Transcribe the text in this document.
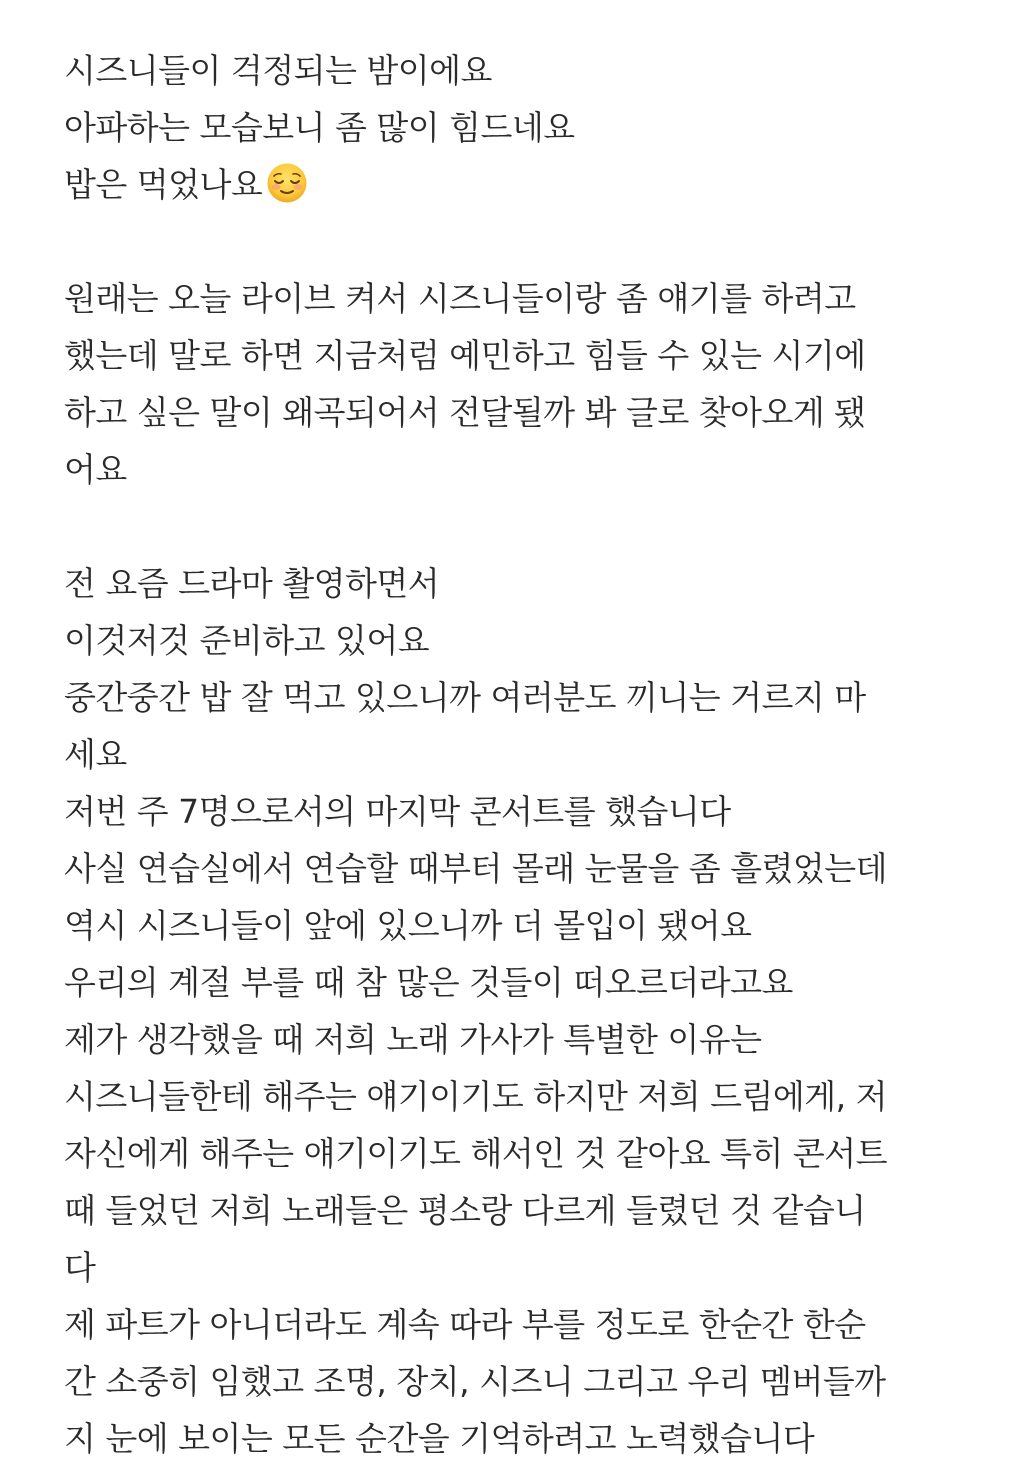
시즈니들이 걱정되는 밤이에요
아파하는 모습보니 좀 많이 힘드네요
밥은 먹었나요
원래는 오늘 라이브 켜서 시즈니들이랑 좀 얘기를 하려고
했는데 말로 하면 지금처럼 예민하고 힘들 수 있는 시기에
하고 싶은 말이 왜곡되어서 전달될까 봐 글로 찾아오게 됐
어요
전 요즘 드라마 촬영하면서
이것저것 준비하고 있어요
중간중간 밥 잘 먹고 있으니까 여러분도 끼니는 거르지 마
세요
저번 주 7명으로서의 마지막 콘서트를 했습니다
사실 연습실에서 연습할 때부터 몰래 눈물을 좀 흘렸었는데
역시 시즈니들이 앞에 있으니까 더 몰입이 됐어요
우리의 계절 부를 때 참 많은 것들이 떠오르더라고요
제가 생각했을 때 저희 노래 가사가 특별한 이유는
시즈니들한테 해주는 얘기이기도 하지만 저희 드림에게, 저
자신에게 해주는 얘기이기도 해서인 것 같아요 특히 콘서트
때 들었던 저희 노래들은 평소랑 다르게 들렸던 것 같습니
다
제 파트가 아니더라도 계속 따라 부를 정도로 한순간 한순
간 소중히 임했고 조명, 장치, 시즈니 그리고 우리 멤버들까
지 눈에 보이는 모든 순간을 기억하려고 노력했습니다
